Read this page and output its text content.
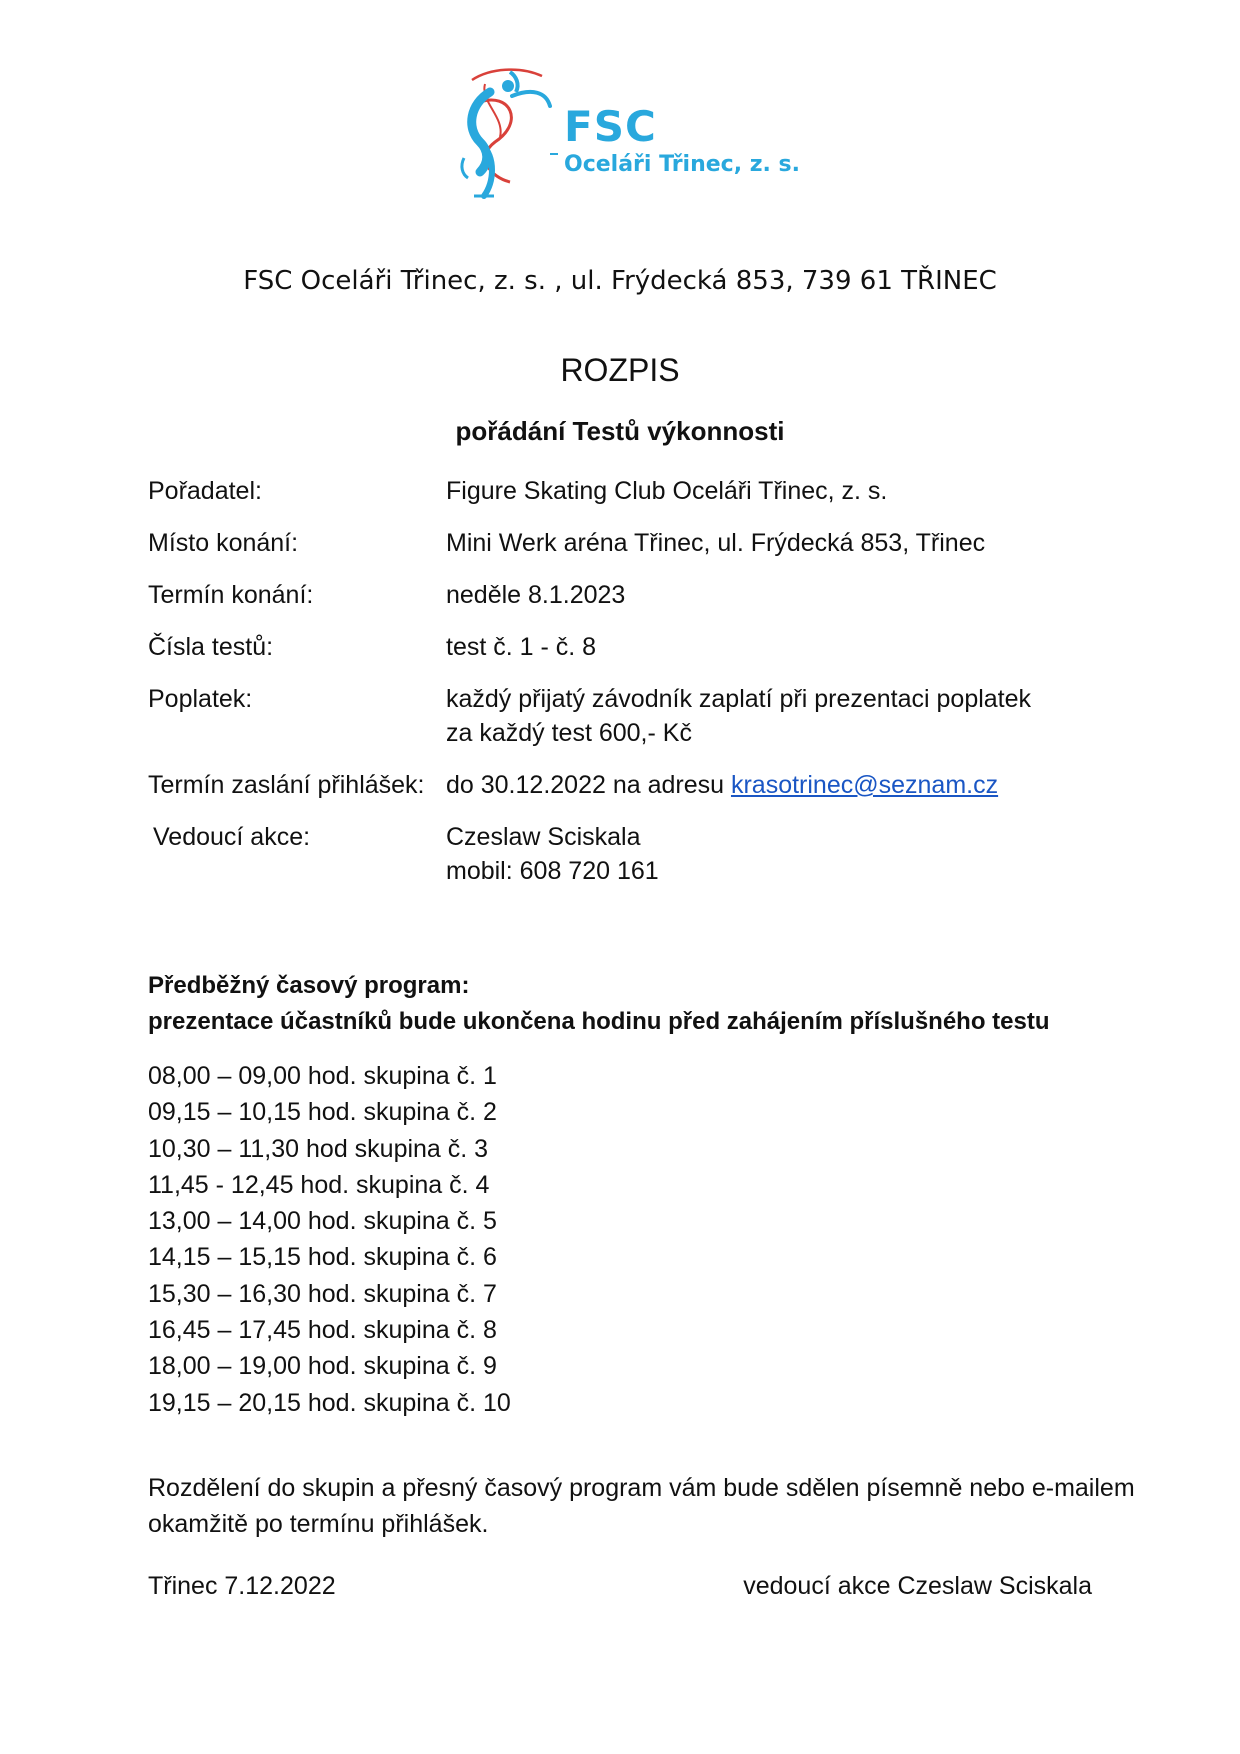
FSC
Oceláři Třinec, z. s.
FSC Oceláři Třinec, z. s. , ul. Frýdecká 853, 739 61 TŘINEC
ROZPIS
pořádání Testů výkonnosti
Pořadatel:	Figure Skating Club Oceláři Třinec, z. s.
Místo konání:	Mini Werk aréna Třinec, ul. Frýdecká 853, Třinec
Termín konání:	neděle 8.1.2023
Čísla testů:	test č. 1 - č. 8
Poplatek:	každý přijatý závodník zaplatí při prezentaci poplatek
za každý test 600,- Kč
Termín zaslání přihlášek: do 30.12.2022 na adresu krasotrinec@seznam.cz
Vedoucí akce:	Czeslaw Sciskala
mobil: 608 720 161
Předběžný časový program:
prezentace účastníků bude ukončena hodinu před zahájením příslušného testu
08,00 – 09,00 hod. skupina č. 1
09,15 – 10,15 hod. skupina č. 2
10,30 – 11,30 hod skupina č. 3
11,45 - 12,45 hod. skupina č. 4
13,00 – 14,00 hod. skupina č. 5
14,15 – 15,15 hod. skupina č. 6
15,30 – 16,30 hod. skupina č. 7
16,45 – 17,45 hod. skupina č. 8
18,00 – 19,00 hod. skupina č. 9
19,15 – 20,15 hod. skupina č. 10
Rozdělení do skupin a přesný časový program vám bude sdělen písemně nebo e-mailem
okamžitě po termínu přihlášek.
Třinec 7.12.2022	vedoucí akce Czeslaw Sciskala
